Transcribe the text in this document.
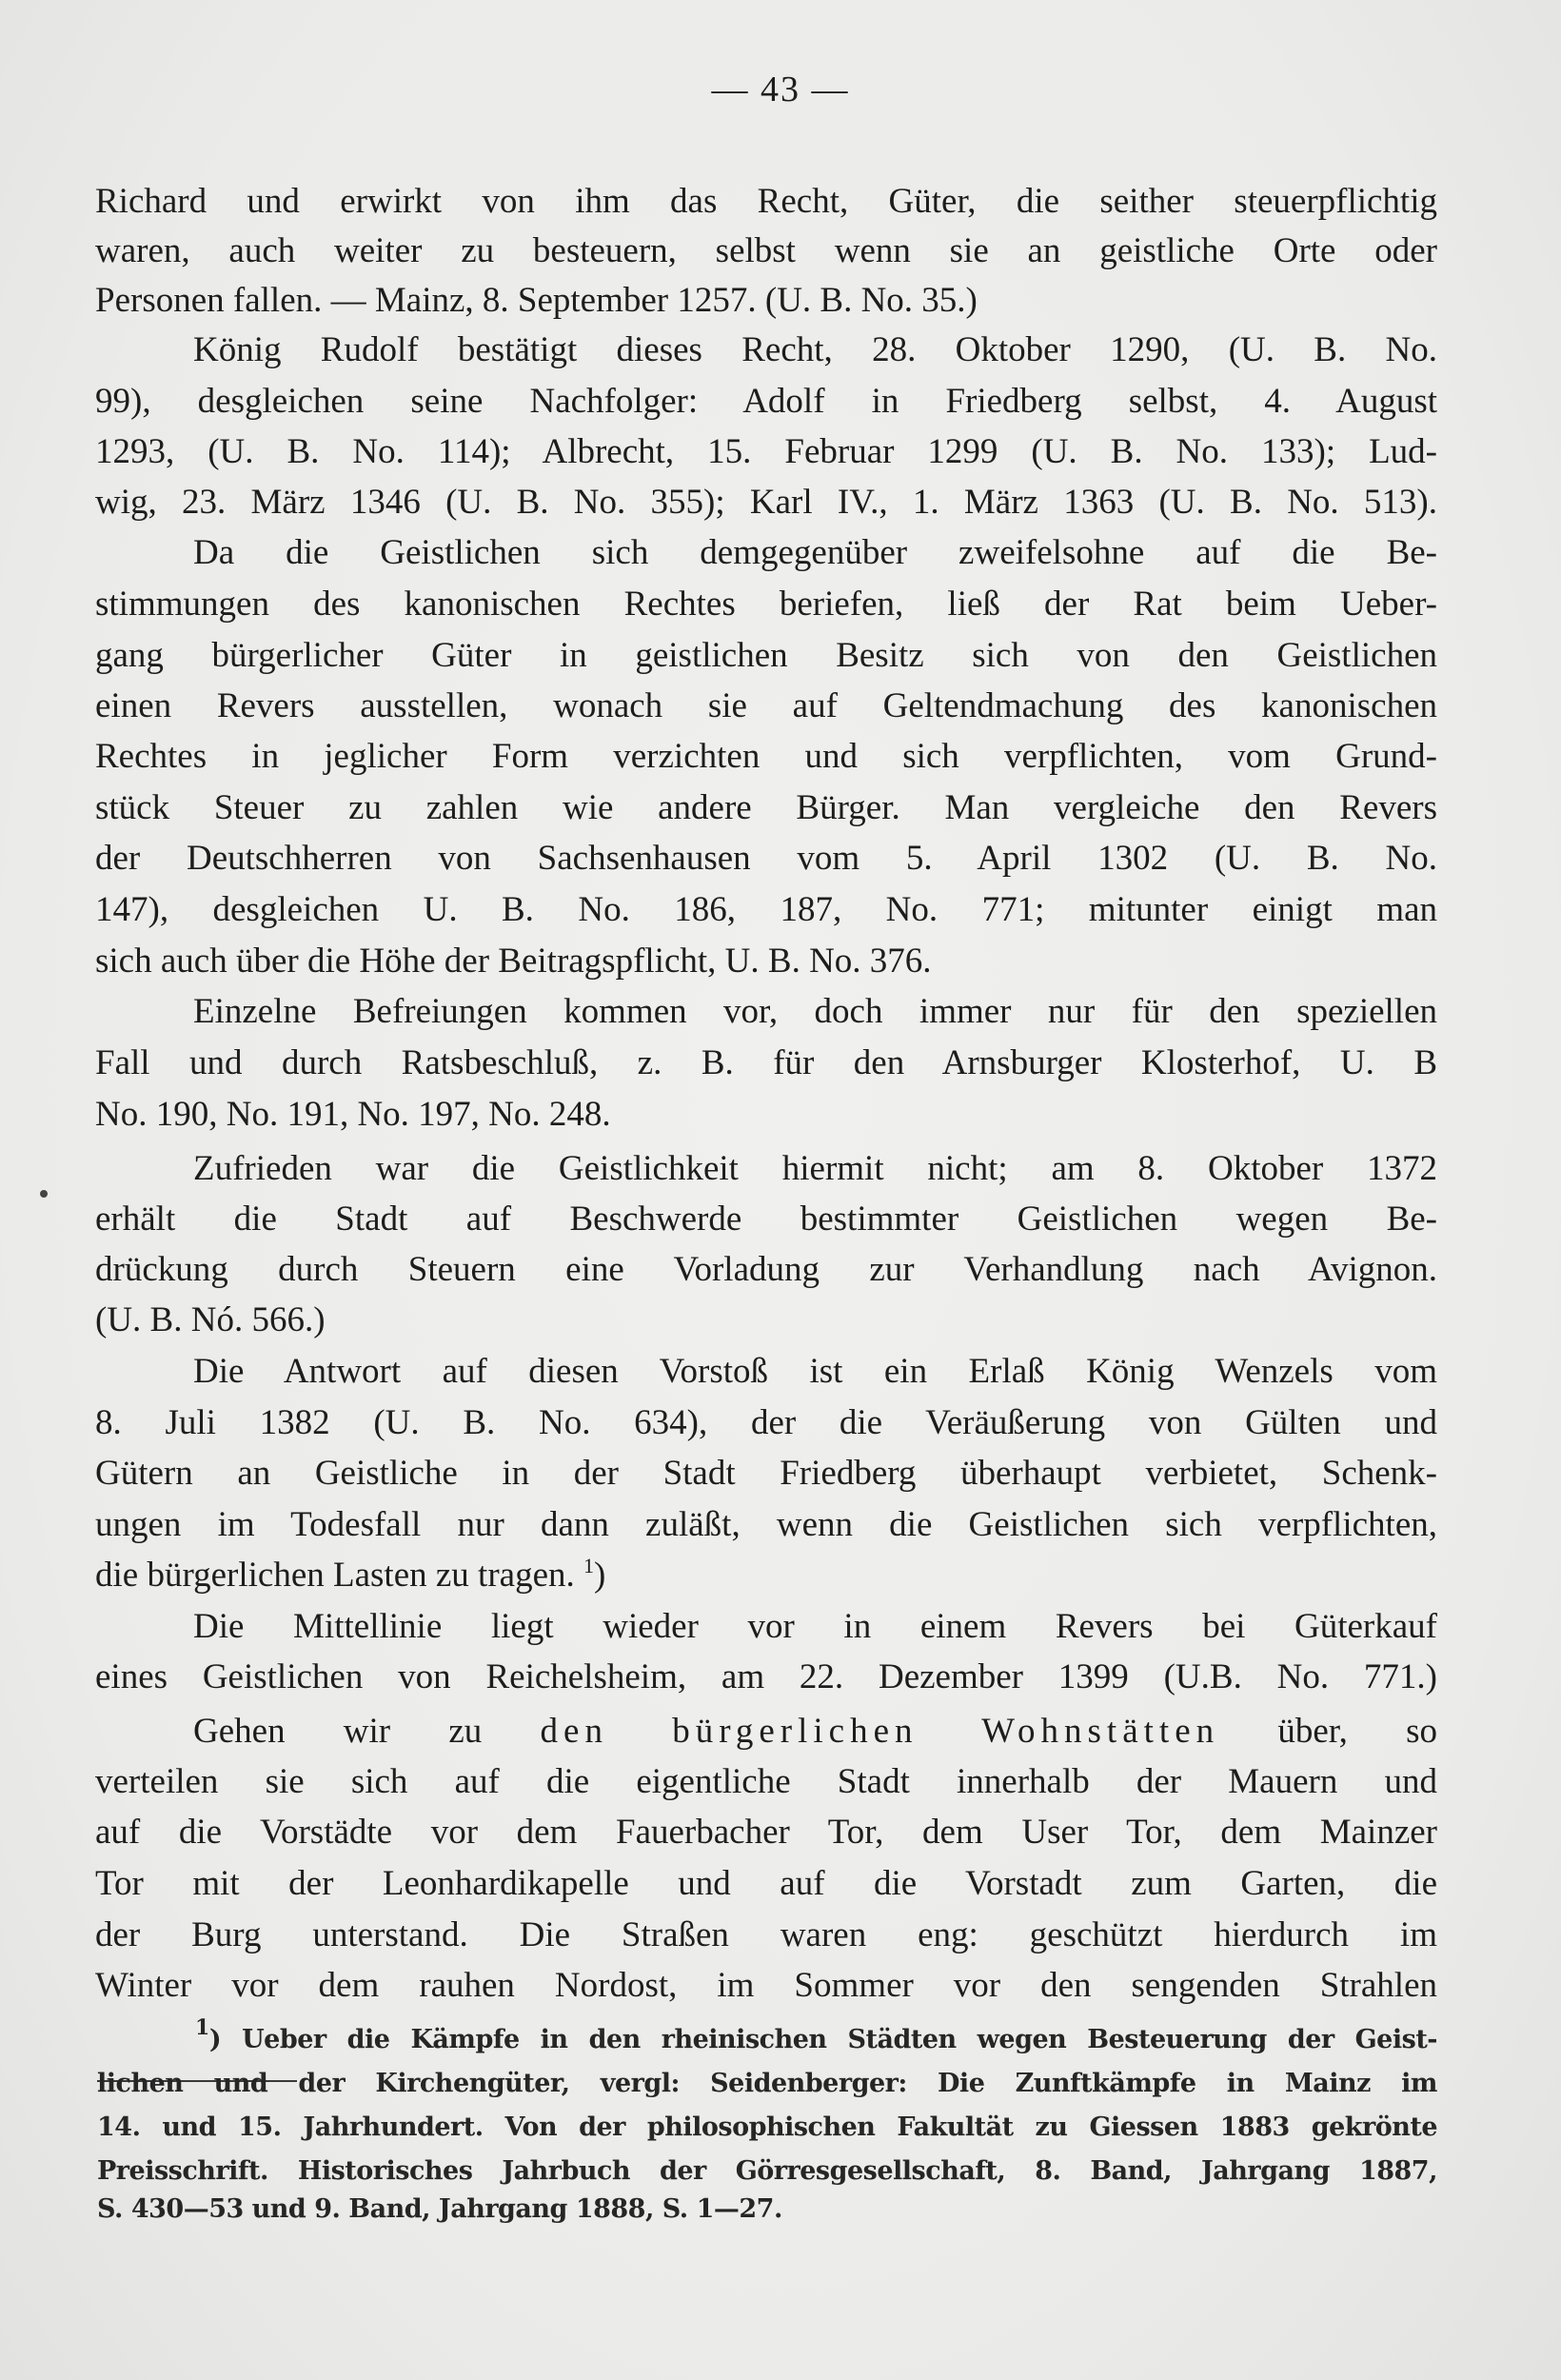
— 43 —
Richard und erwirkt von ihm das Recht, Güter, die seither steuerpflichtig
waren, auch weiter zu besteuern, selbst wenn sie an geistliche Orte oder
Personen fallen. — Mainz, 8. September 1257. (U. B. No. 35.)
König Rudolf bestätigt dieses Recht, 28. Oktober 1290, (U. B. No.
99), desgleichen seine Nachfolger: Adolf in Friedberg selbst, 4. August
1293, (U. B. No. 114); Albrecht, 15. Februar 1299 (U. B. No. 133); Lud-
wig, 23. März 1346 (U. B. No. 355); Karl IV., 1. März 1363 (U. B. No. 513).
Da die Geistlichen sich demgegenüber zweifelsohne auf die Be-
stimmungen des kanonischen Rechtes beriefen, ließ der Rat beim Ueber-
gang bürgerlicher Güter in geistlichen Besitz sich von den Geistlichen
einen Revers ausstellen, wonach sie auf Geltendmachung des kanonischen
Rechtes in jeglicher Form verzichten und sich verpflichten, vom Grund-
stück Steuer zu zahlen wie andere Bürger. Man vergleiche den Revers
der Deutschherren von Sachsenhausen vom 5. April 1302 (U. B. No.
147), desgleichen U. B. No. 186, 187, No. 771; mitunter einigt man
sich auch über die Höhe der Beitragspflicht, U. B. No. 376.
Einzelne Befreiungen kommen vor, doch immer nur für den speziellen
Fall und durch Ratsbeschluß, z. B. für den Arnsburger Klosterhof, U. B
No. 190, No. 191, No. 197, No. 248.
Zufrieden war die Geistlichkeit hiermit nicht; am 8. Oktober 1372
erhält die Stadt auf Beschwerde bestimmter Geistlichen wegen Be-
drückung durch Steuern eine Vorladung zur Verhandlung nach Avignon.
(U. B. Nó. 566.)
Die Antwort auf diesen Vorstoß ist ein Erlaß König Wenzels vom
8. Juli 1382 (U. B. No. 634), der die Veräußerung von Gülten und
Gütern an Geistliche in der Stadt Friedberg überhaupt verbietet, Schenk-
ungen im Todesfall nur dann zuläßt, wenn die Geistlichen sich verpflichten,
die bürgerlichen Lasten zu tragen. $^1$)
Die Mittellinie liegt wieder vor in einem Revers bei Güterkauf
eines Geistlichen von Reichelsheim, am 22. Dezember 1399 (U.B. No. 771.)
Gehen wir zu den bürgerlichen Wohnstätten über, so
verteilen sie sich auf die eigentliche Stadt innerhalb der Mauern und
auf die Vorstädte vor dem Fauerbacher Tor, dem User Tor, dem Mainzer
Tor mit der Leonhardikapelle und auf die Vorstadt zum Garten, die
der Burg unterstand. Die Straßen waren eng: geschützt hierdurch im
Winter vor dem rauhen Nordost, im Sommer vor den sengenden Strahlen
$^1$) Ueber die Kämpfe in den rheinischen Städten wegen Besteuerung der Geist-
lichen und der Kirchengüter, vergl: Seidenberger: Die Zunftkämpfe in Mainz im
14. und 15. Jahrhundert. Von der philosophischen Fakultät zu Giessen 1883 gekrönte
Preisschrift. Historisches Jahrbuch der Görresgesellschaft, 8. Band, Jahrgang 1887,
S. 430—53 und 9. Band, Jahrgang 1888, S. 1—27.
